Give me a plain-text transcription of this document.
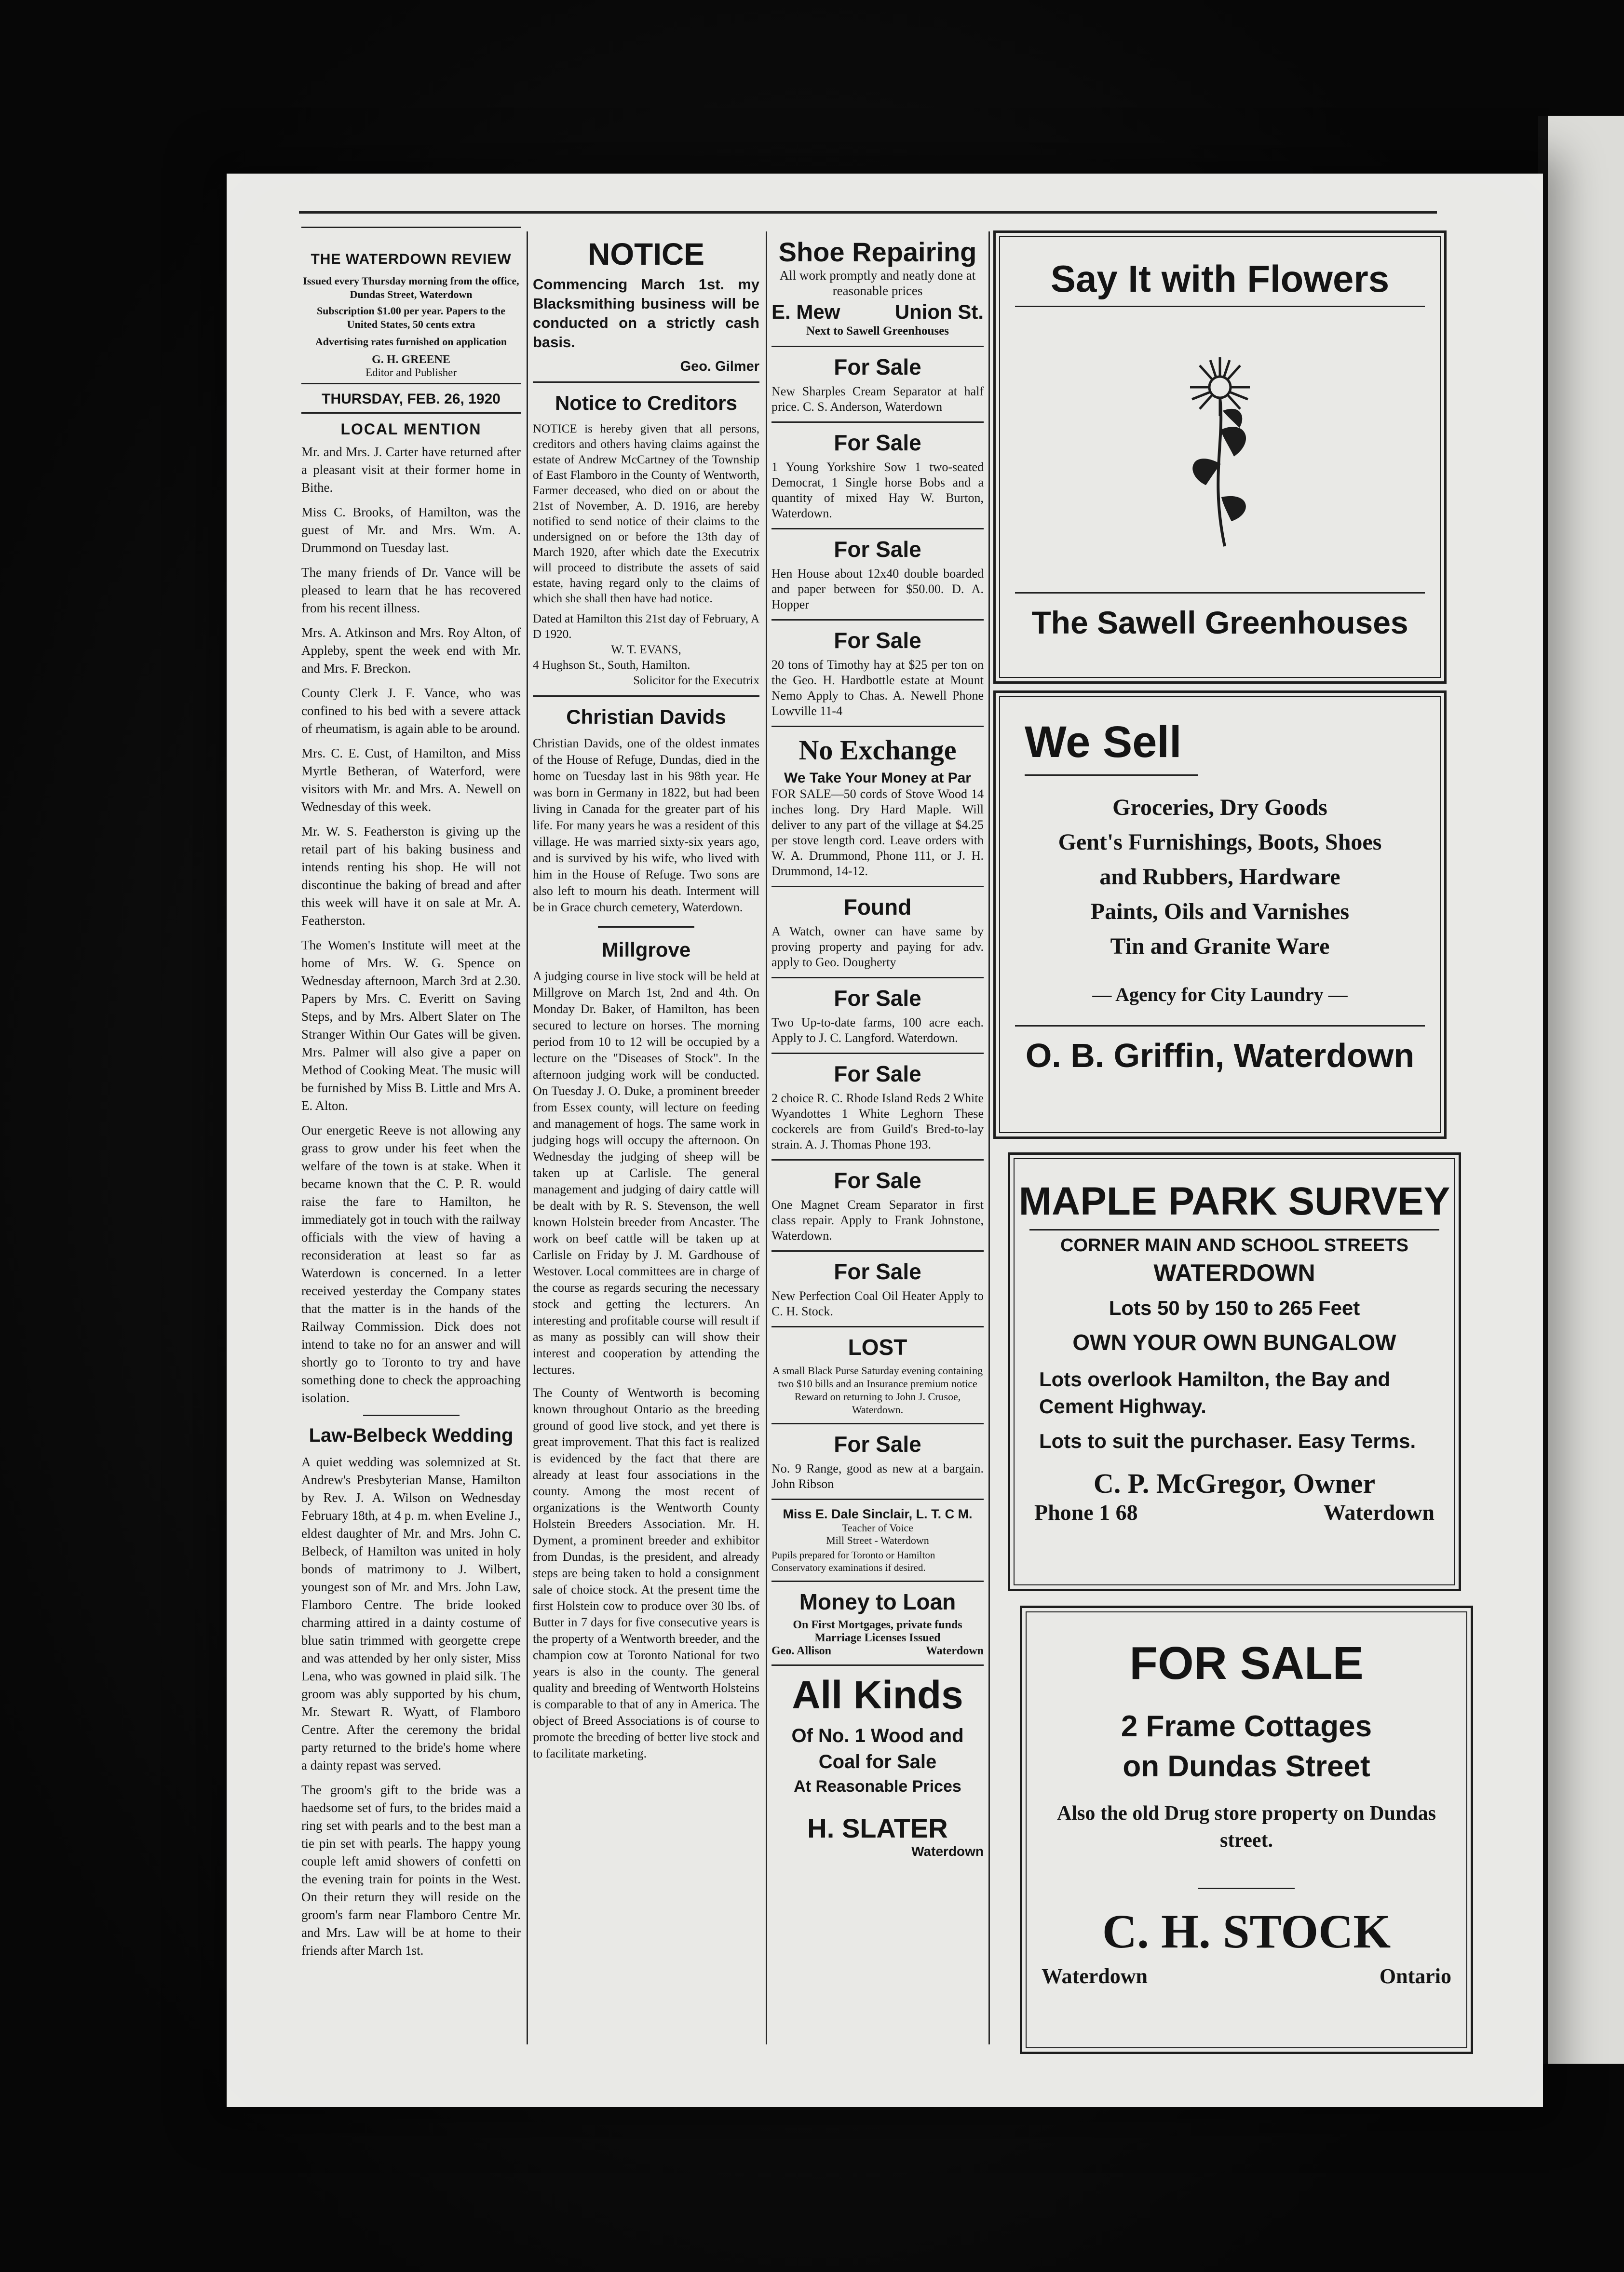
THE WATERDOWN REVIEW
Issued every Thursday morning from the office, Dundas Street, Waterdown
Subscription $1.00 per year. Papers to the United States, 50 cents extra
Advertising rates furnished on application
G. H. GREENE
Editor and Publisher
THURSDAY, FEB. 26, 1920
LOCAL MENTION

Mr. and Mrs. J. Carter have returned after a pleasant visit at their former home in Bithe.

Miss C. Brooks, of Hamilton, was the guest of Mr. and Mrs. Wm. A. Drummond on Tuesday last.

The many friends of Dr. Vance will be pleased to learn that he has recovered from his recent illness.

Mrs. A. Atkinson and Mrs. Roy Alton, of Appleby, spent the week end with Mr. and Mrs. F. Breckon.

County Clerk J. F. Vance, who was confined to his bed with a severe attack of rheumatism, is again able to be around.

Mrs. C. E. Cust, of Hamilton, and Miss Myrtle Betheran, of Waterford, were visitors with Mr. and Mrs. A. Newell on Wednesday of this week.

Mr. W. S. Featherston is giving up the retail part of his baking business and intends renting his shop. He will not discontinue the baking of bread and after this week will have it on sale at Mr. A. Featherston.

The Women's Institute will meet at the home of Mrs. W. G. Spence on Wednesday afternoon, March 3rd at 2.30. Papers by Mrs. C. Everitt on Saving Steps, and by Mrs. Albert Slater on The Stranger Within Our Gates will be given. Mrs. Palmer will also give a paper on Method of Cooking Meat. The music will be furnished by Miss B. Little and Mrs A. E. Alton.

Our energetic Reeve is not allowing any grass to grow under his feet when the welfare of the town is at stake. When it became known that the C. P. R. would raise the fare to Hamilton, he immediately got in touch with the railway officials with the view of having a reconsideration at least so far as Waterdown is concerned. In a letter received yesterday the Company states that the matter is in the hands of the Railway Commission. Dick does not intend to take no for an answer and will shortly go to Toronto to try and have something done to check the approaching isolation.

Law-Belbeck Wedding

A quiet wedding was solemnized at St. Andrew's Presbyterian Manse, Hamilton by Rev. J. A. Wilson on Wednesday February 18th, at 4 p. m. when Eveline J., eldest daughter of Mr. and Mrs. John C. Belbeck, of Hamilton was united in holy bonds of matrimony to J. Wilbert, youngest son of Mr. and Mrs. John Law, Flamboro Centre. The bride looked charming attired in a dainty costume of blue satin trimmed with georgette crepe and was attended by her only sister, Miss Lena, who was gowned in plaid silk. The groom was ably supported by his chum, Mr. Stewart R. Wyatt, of Flamboro Centre. After the ceremony the bridal party returned to the bride's home where a dainty repast was served.

The groom's gift to the bride was a haedsome set of furs, to the brides maid a ring set with pearls and to the best man a tie pin set with pearls. The happy young couple left amid showers of confetti on the evening train for points in the West. On their return they will reside on the groom's farm near Flamboro Centre Mr. and Mrs. Law will be at home to their friends after March 1st.

NOTICE
Commencing March 1st. my Blacksmithing business will be conducted on a strictly cash basis.
Geo. Gilmer
Notice to Creditors
NOTICE is hereby given that all persons, creditors and others having claims against the estate of Andrew McCartney of the Township of East Flamboro in the County of Wentworth, Farmer deceased, who died on or about the 21st of November, A. D. 1916, are hereby notified to send notice of their claims to the undersigned on or before the 13th day of March 1920, after which date the Executrix will proceed to distribute the assets of said estate, having regard only to the claims of which she shall then have had notice.
Dated at Hamilton this 21st day of February, A D 1920.
W. T. EVANS,
4 Hughson St., South, Hamilton.
Solicitor for the Executrix
Christian Davids
Christian Davids, one of the oldest inmates of the House of Refuge, Dundas, died in the home on Tuesday last in his 98th year. He was born in Germany in 1822, but had been living in Canada for the greater part of his life. For many years he was a resident of this village. He was married sixty-six years ago, and is survived by his wife, who lived with him in the House of Refuge. Two sons are also left to mourn his death. Interment will be in Grace church cemetery, Waterdown.
Millgrove

A judging course in live stock will be held at Millgrove on March 1st, 2nd and 4th. On Monday Dr. Baker, of Hamilton, has been secured to lecture on horses. The morning period from 10 to 12 will be occupied by a lecture on the "Diseases of Stock". In the afternoon judging work will be conducted. On Tuesday J. O. Duke, a prominent breeder from Essex county, will lecture on feeding and management of hogs. The same work in judging hogs will occupy the afternoon. On Wednesday the judging of sheep will be taken up at Carlisle. The general management and judging of dairy cattle will be dealt with by R. S. Stevenson, the well known Holstein breeder from Ancaster. The work on beef cattle will be taken up at Carlisle on Friday by J. M. Gardhouse of Westover. Local committees are in charge of the course as regards securing the necessary stock and getting the lecturers. An interesting and profitable course will result if as many as possibly can will show their interest and cooperation by attending the lectures.

The County of Wentworth is becoming known throughout Ontario as the breeding ground of good live stock, and yet there is great improvement. That this fact is realized is evidenced by the fact that there are already at least four associations in the county. Among the most recent of organizations is the Wentworth County Holstein Breeders Association. Mr. H. Dyment, a prominent breeder and exhibitor from Dundas, is the president, and already steps are being taken to hold a consignment sale of choice stock. At the present time the first Holstein cow to produce over 30 lbs. of Butter in 7 days for five consecutive years is the property of a Wentworth breeder, and the champion cow at Toronto National for two years is also in the county. The general quality and breeding of Wentworth Holsteins is comparable to that of any in America. The object of Breed Associations is of course to promote the breeding of better live stock and to facilitate marketing.

Shoe Repairing
All work promptly and neatly done at reasonable prices
E. Mew	Union St.
Next to Sawell Greenhouses
For Sale
New Sharples Cream Separator at half price. C. S. Anderson, Waterdown
For Sale
1 Young Yorkshire Sow 1 two-seated Democrat, 1 Single horse Bobs and a quantity of mixed Hay W. Burton, Waterdown.
For Sale
Hen House about 12x40 double boarded and paper between for $50.00. D. A. Hopper
For Sale
20 tons of Timothy hay at $25 per ton on the Geo. H. Hardbottle estate at Mount Nemo Apply to Chas. A. Newell Phone Lowville 11-4
No Exchange
We Take Your Money at Par
FOR SALE—50 cords of Stove Wood 14 inches long. Dry Hard Maple. Will deliver to any part of the village at $4.25 per stove length cord. Leave orders with W. A. Drummond, Phone 111, or J. H. Drummond, 14-12.
Found
A Watch, owner can have same by proving property and paying for adv. apply to Geo. Dougherty
For Sale
Two Up-to-date farms, 100 acre each. Apply to J. C. Langford. Waterdown.
For Sale
2 choice R. C. Rhode Island Reds 2 White Wyandottes 1 White Leghorn These cockerels are from Guild's Bred-to-lay strain. A. J. Thomas Phone 193.
For Sale
One Magnet Cream Separator in first class repair. Apply to Frank Johnstone, Waterdown.
For Sale
New Perfection Coal Oil Heater Apply to C. H. Stock.
LOST
A small Black Purse Saturday evening containing two $10 bills and an Insurance premium notice Reward on returning to John J. Crusoe, Waterdown.
For Sale
No. 9 Range, good as new at a bargain. John Ribson
Miss E. Dale Sinclair, L. T. C M.
Teacher of Voice
Mill Street - Waterdown
Pupils prepared for Toronto or Hamilton Conservatory examinations if desired.
Money to Loan
On First Mortgages, private funds
Marriage Licenses Issued
Geo. Allison	Waterdown
All Kinds
Of No. 1 Wood and
Coal for Sale
At Reasonable Prices
H. SLATER
Waterdown
Say It with Flowers
The Sawell Greenhouses
We Sell
Groceries, Dry Goods
Gent's Furnishings, Boots, Shoes
and Rubbers, Hardware
Paints, Oils and Varnishes
Tin and Granite Ware
— Agency for City Laundry —
O. B. Griffin, Waterdown
MAPLE PARK SURVEY
CORNER MAIN AND SCHOOL STREETS
WATERDOWN
Lots 50 by 150 to 265 Feet
OWN YOUR OWN BUNGALOW
Lots overlook Hamilton, the Bay and Cement Highway.
Lots to suit the purchaser. Easy Terms.
C. P. McGregor, Owner
Phone 1 68	Waterdown
FOR SALE
2 Frame Cottages
on Dundas Street
Also the old Drug store property on Dundas street.
C. H. STOCK
Waterdown	Ontario
